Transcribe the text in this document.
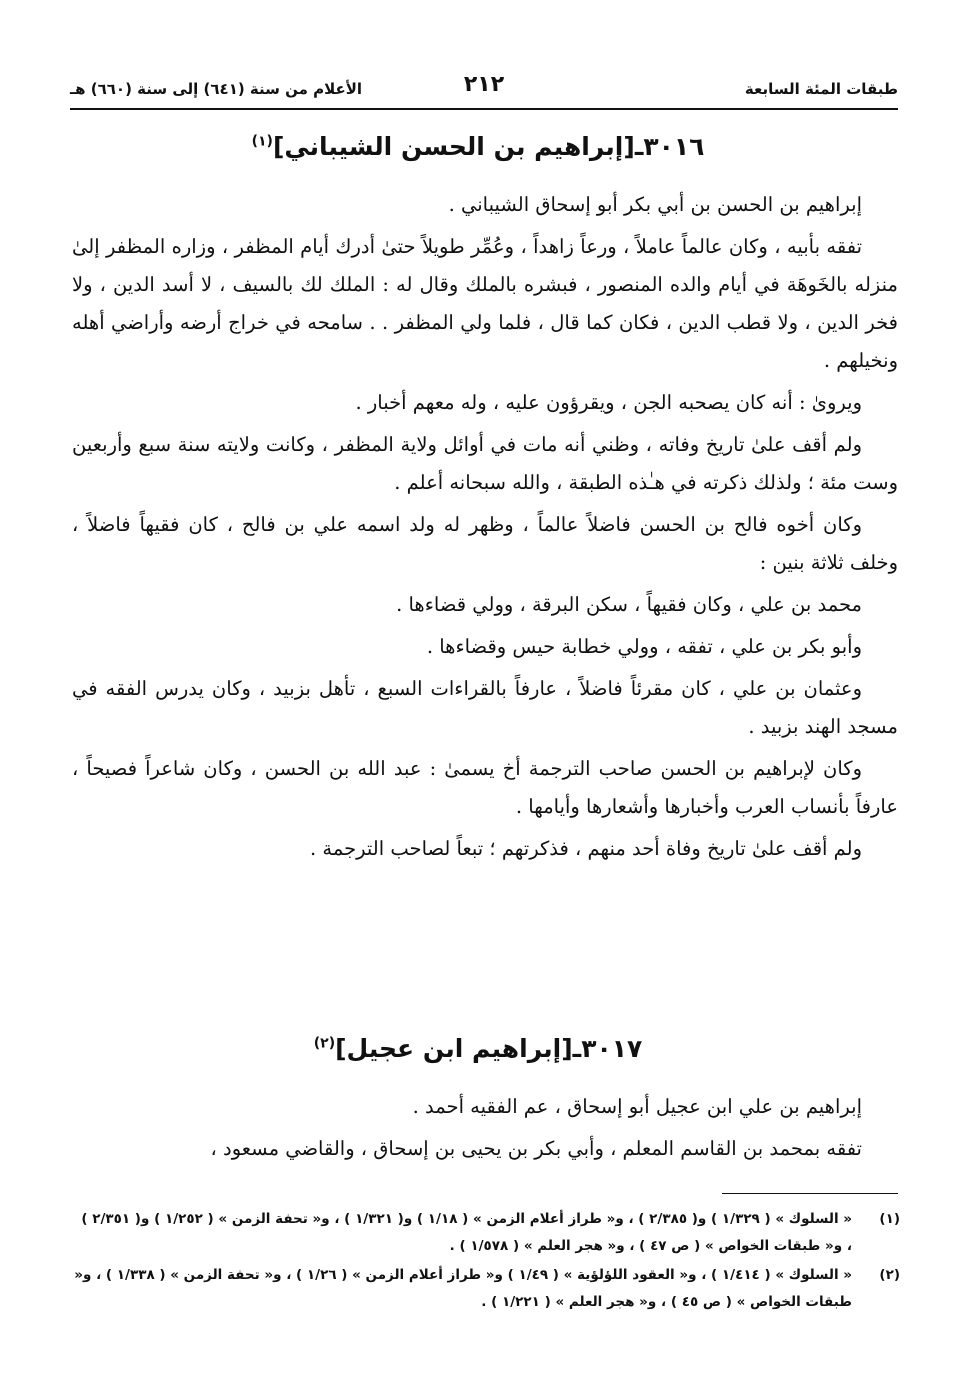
طبقات المئة السابعة
٢١٢
الأعلام من سنة (٦٤١) إلى سنة (٦٦٠) هـ
٣٠١٦ـ[إبراهيم بن الحسن الشيباني]$^{(١)}$

إبراهيم بن الحسن بن أبي بكر أبو إسحاق الشيباني .

تفقه بأبيه ، وكان عالماً عاملاً ، ورعاً زاهداً ، وعُمِّر طويلاً حتىٰ أدرك أيام المظفر ، وزاره المظفر إلىٰ منزله بالخَوهَة في أيام والده المنصور ، فبشره بالملك وقال له : الملك لك بالسيف ، لا أسد الدين ، ولا فخر الدين ، ولا قطب الدين ، فكان كما قال ، فلما ولي المظفر . . سامحه في خراج أرضه وأراضي أهله ونخيلهم .

ويروىٰ : أنه كان يصحبه الجن ، ويقرؤون عليه ، وله معهم أخبار .

ولم أقف علىٰ تاريخ وفاته ، وظني أنه مات في أوائل ولاية المظفر ، وكانت ولايته سنة سبع وأربعين وست مئة ؛ ولذلك ذكرته في هـٰذه الطبقة ، والله سبحانه أعلم .

وكان أخوه فالح بن الحسن فاضلاً عالماً ، وظهر له ولد اسمه علي بن فالح ، كان فقيهاً فاضلاً ، وخلف ثلاثة بنين :

محمد بن علي ، وكان فقيهاً ، سكن البرقة ، وولي قضاءها .

وأبو بكر بن علي ، تفقه ، وولي خطابة حيس وقضاءها .

وعثمان بن علي ، كان مقرئاً فاضلاً ، عارفاً بالقراءات السبع ، تأهل بزبيد ، وكان يدرس الفقه في مسجد الهند بزبيد .

وكان لإبراهيم بن الحسن صاحب الترجمة أخ يسمىٰ : عبد الله بن الحسن ، وكان شاعراً فصيحاً ، عارفاً بأنساب العرب وأخبارها وأشعارها وأيامها .

ولم أقف علىٰ تاريخ وفاة أحد منهم ، فذكرتهم ؛ تبعاً لصاحب الترجمة .

٣٠١٧ـ[إبراهيم ابن عجيل]$^{(٢)}$

إبراهيم بن علي ابن عجيل أبو إسحاق ، عم الفقيه أحمد .

تفقه بمحمد بن القاسم المعلم ، وأبي بكر بن يحيى بن إسحاق ، والقاضي مسعود ،

(١)
« السلوك » ( ١/٣٢٩ ) و( ٢/٣٨٥ ) ، و« طراز أعلام الزمن » ( ١/١٨ ) و( ١/٣٢١ ) ، و« تحفة الزمن » ( ١/٢٥٢ ) و( ٢/٣٥١ ) ، و« طبقات الخواص » ( ص ٤٧ ) ، و« هجر العلم » ( ١/٥٧٨ ) .
(٢)
« السلوك » ( ١/٤١٤ ) ، و« العقود اللؤلؤية » ( ١/٤٩ ) و« طراز أعلام الزمن » ( ١/٢٦ ) ، و« تحفة الزمن » ( ١/٣٣٨ ) ، و« طبقات الخواص » ( ص ٤٥ ) ، و« هجر العلم » ( ١/٢٢١ ) .
